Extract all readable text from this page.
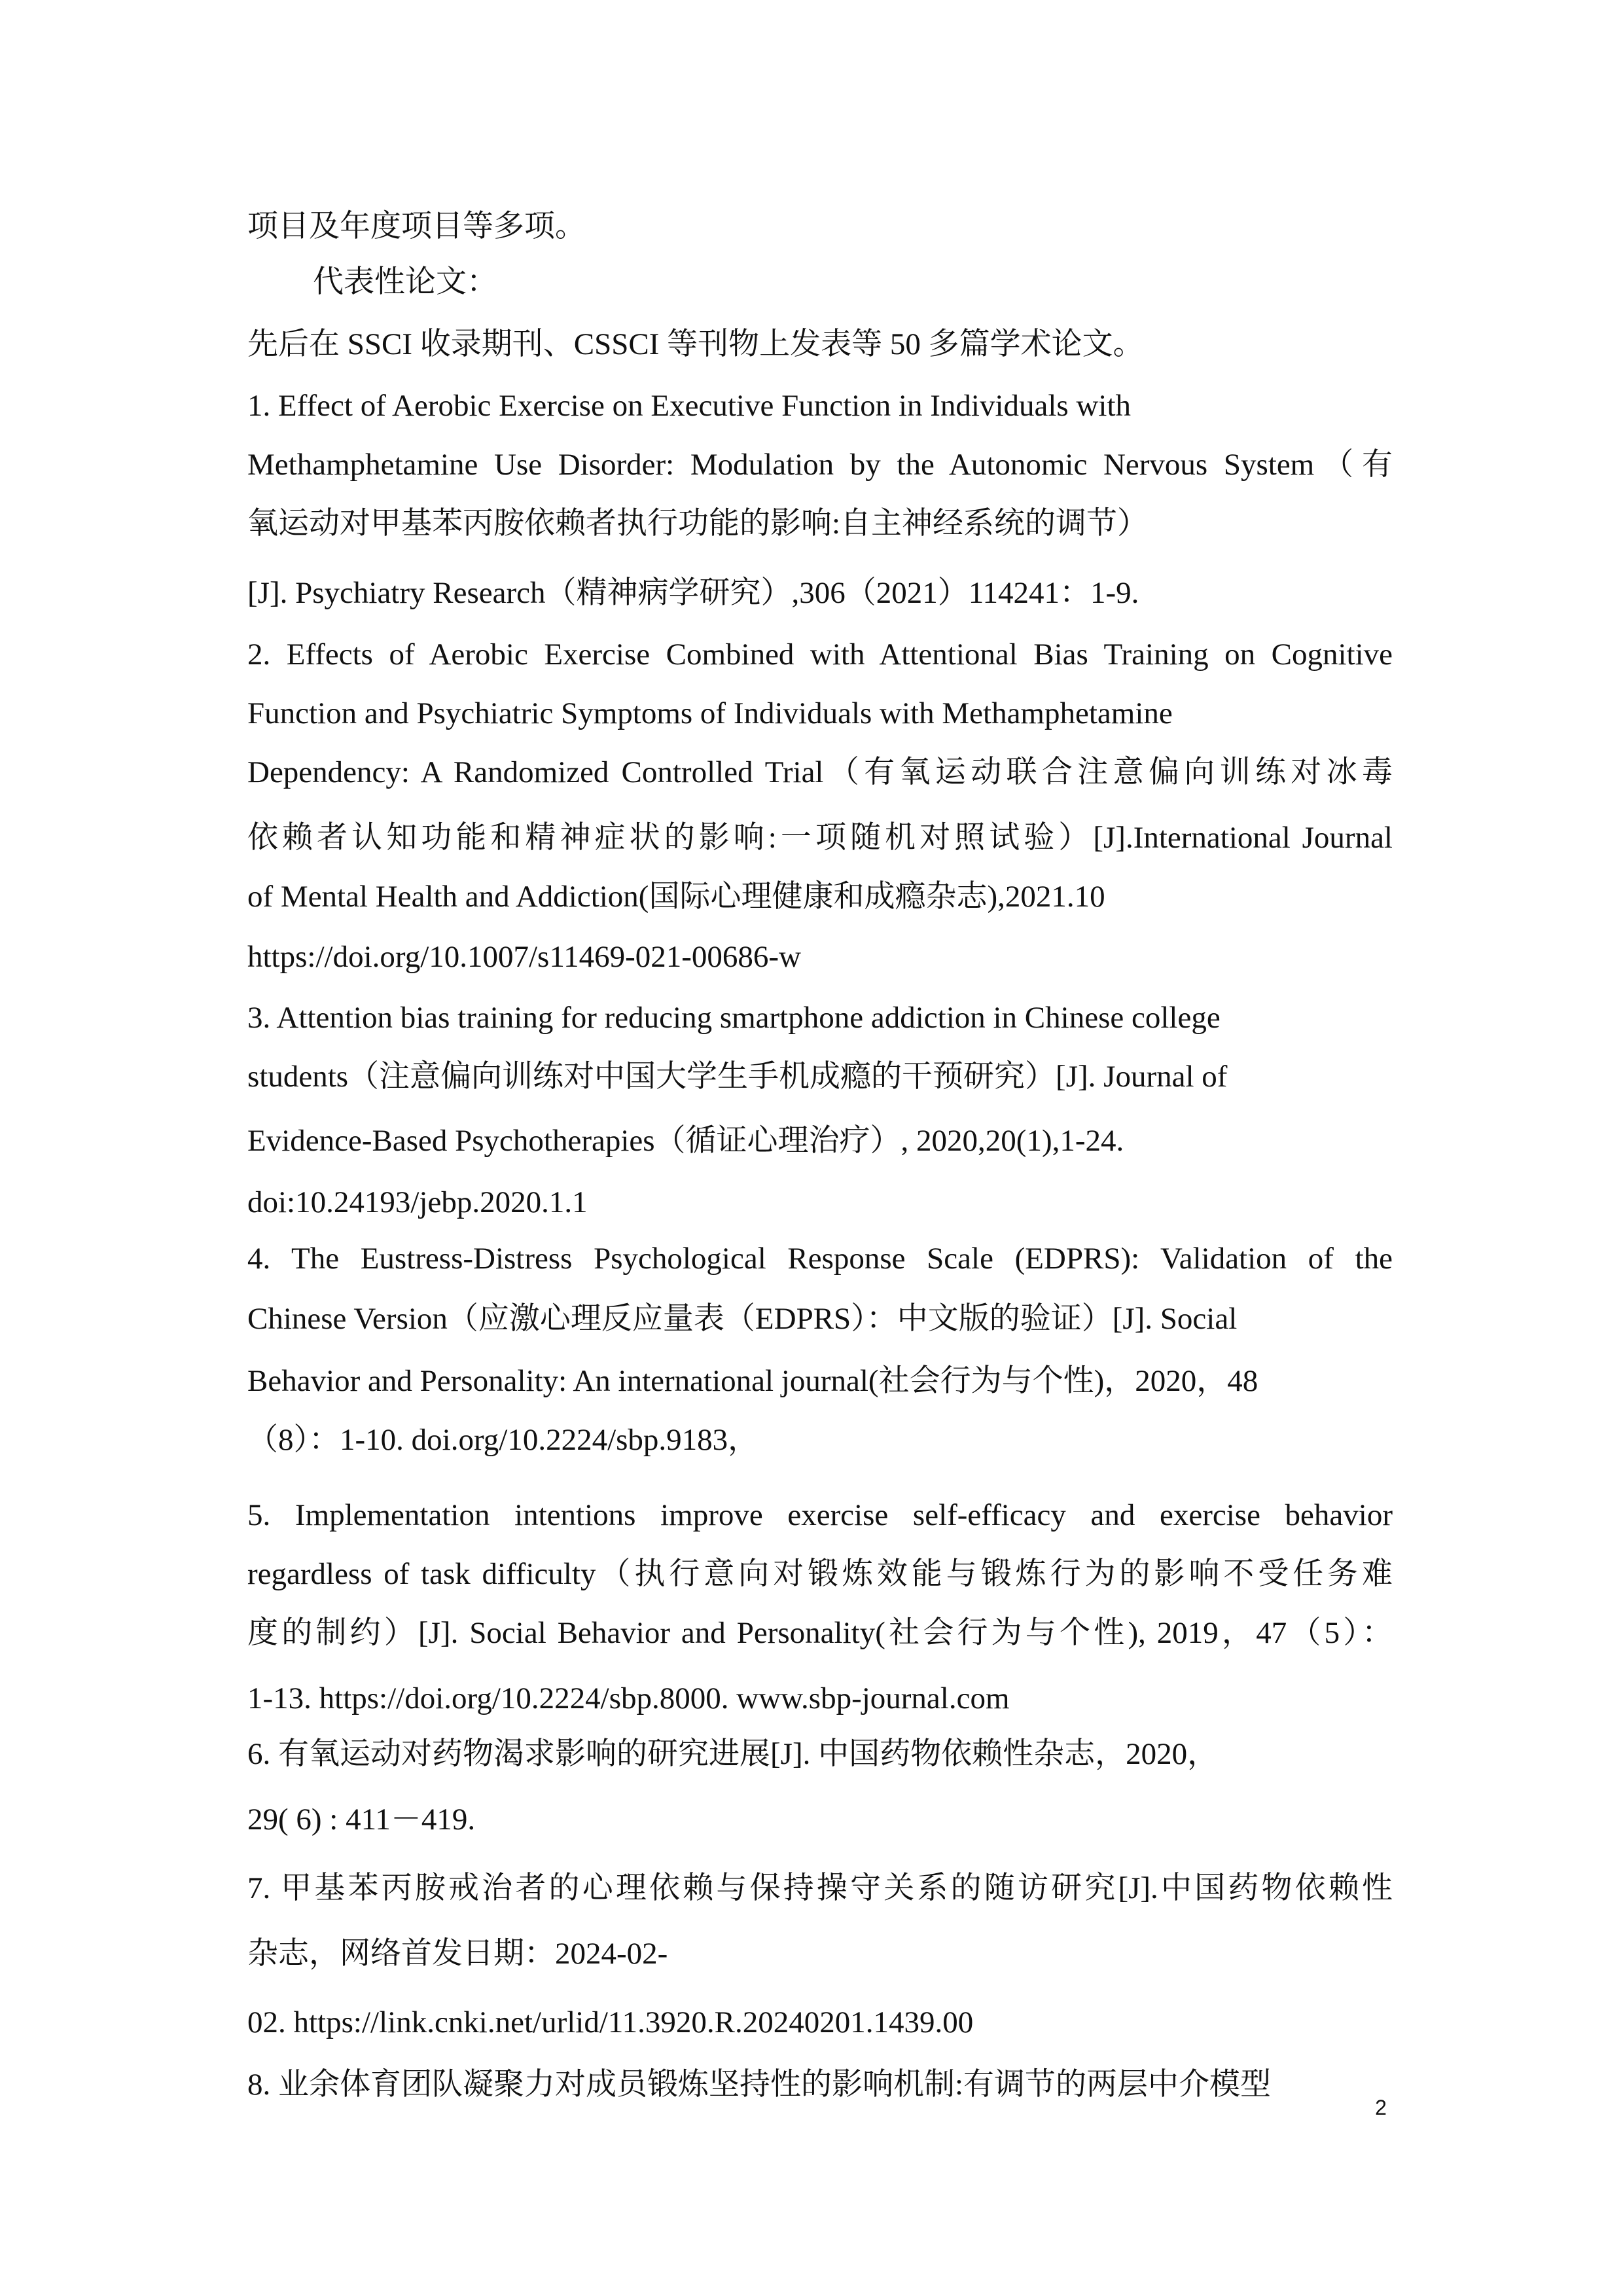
项目及年度项目等多项。
代表性论文：
先后在 SSCI 收录期刊、CSSCI 等刊物上发表等 50 多篇学术论文。
1. Effect of Aerobic Exercise on Executive Function in Individuals with
Methamphetamine Use Disorder: Modulation by the Autonomic Nervous System（有
氧运动对甲基苯丙胺依赖者执行功能的影响:自主神经系统的调节）
[J]. Psychiatry Research（精神病学研究）,306（2021）114241：1-9.
2. Effects of Aerobic Exercise Combined with Attentional Bias Training on Cognitive
Function and Psychiatric Symptoms of Individuals with Methamphetamine
Dependency: A Randomized Controlled Trial（有氧运动联合注意偏向训练对冰毒
依赖者认知功能和精神症状的影响:一项随机对照试验）[J].International Journal
of Mental Health and Addiction(国际心理健康和成瘾杂志),2021.10
https://doi.org/10.1007/s11469-021-00686-w
3. Attention bias training for reducing smartphone addiction in Chinese college
students（注意偏向训练对中国大学生手机成瘾的干预研究）[J]. Journal of
Evidence-Based Psychotherapies（循证心理治疗）, 2020,20(1),1-24.
doi:10.24193/jebp.2020.1.1
4. The Eustress-Distress Psychological Response Scale (EDPRS): Validation of the
Chinese Version（应激心理反应量表（EDPRS）：中文版的验证）[J]. Social
Behavior and Personality: An international journal(社会行为与个性)，2020，48
（8）：1-10. doi.org/10.2224/sbp.9183，
5. Implementation intentions improve exercise self-efficacy and exercise behavior
regardless of task difficulty（执行意向对锻炼效能与锻炼行为的影响不受任务难
度的制约）[J]. Social Behavior and Personality(社会行为与个性), 2019，47（5）：
1-13. https://doi.org/10.2224/sbp.8000. www.sbp-journal.com
6. 有氧运动对药物渴求影响的研究进展[J]. 中国药物依赖性杂志，2020，
29( 6) : 411－419.
7. 甲基苯丙胺戒治者的心理依赖与保持操守关系的随访研究[J].中国药物依赖性
杂志，网络首发日期：2024-02-
02. https://link.cnki.net/urlid/11.3920.R.20240201.1439.00
8. 业余体育团队凝聚力对成员锻炼坚持性的影响机制:有调节的两层中介模型
2
